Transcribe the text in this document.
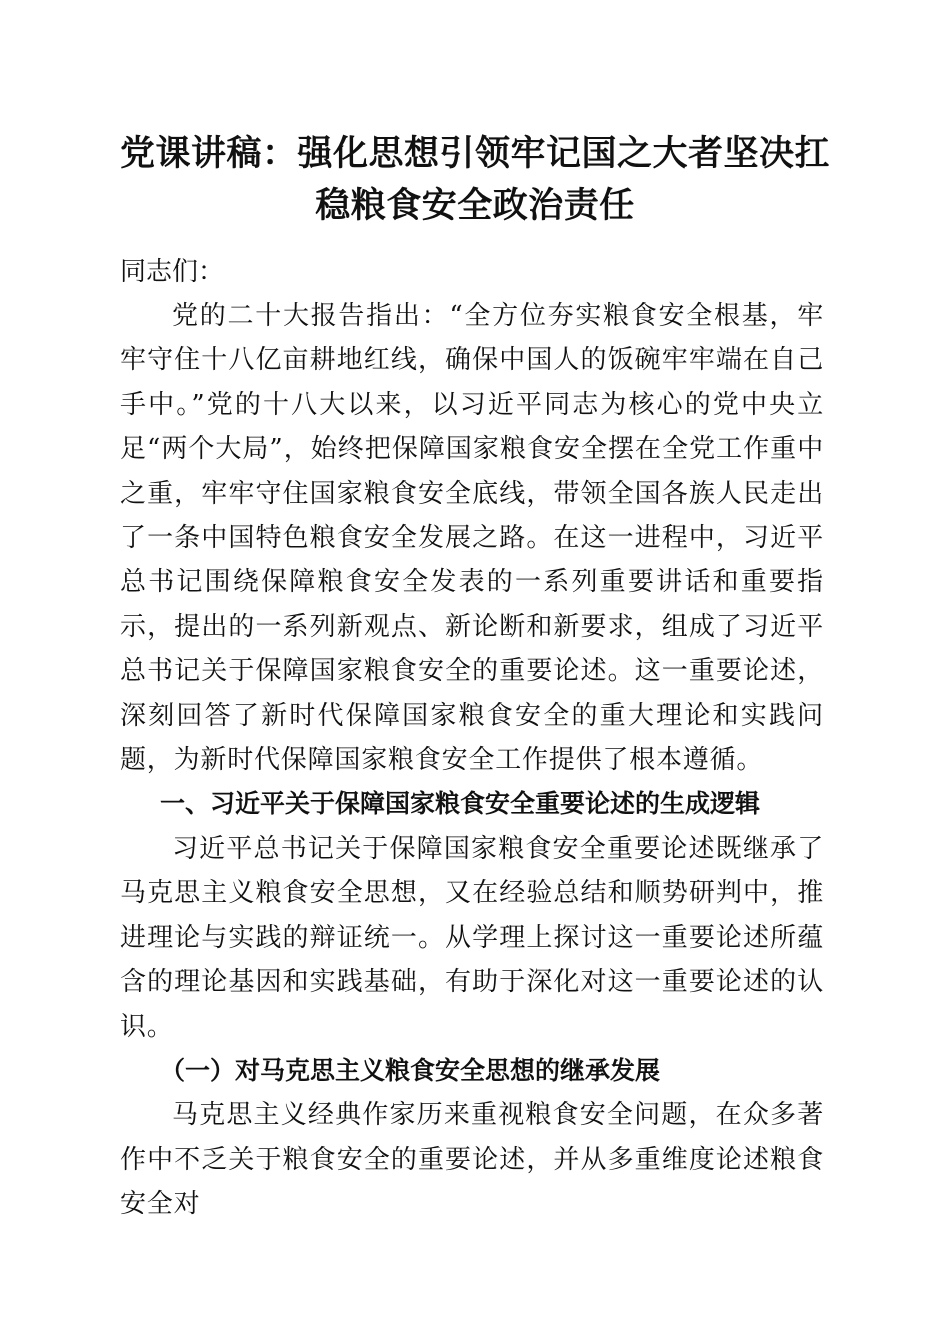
党课讲稿：强化思想引领牢记国之大者坚决扛
稳粮食安全政治责任

同志们：

党的二十大报告指出：“全方位夯实粮食安全根基，牢牢守住十八亿亩耕地红线，确保中国人的饭碗牢牢端在自己手中。”党的十八大以来，以习近平同志为核心的党中央立足“两个大局”，始终把保障国家粮食安全摆在全党工作重中之重，牢牢守住国家粮食安全底线，带领全国各族人民走出了一条中国特色粮食安全发展之路。在这一进程中，习近平总书记围绕保障粮食安全发表的一系列重要讲话和重要指示，提出的一系列新观点、新论断和新要求，组成了习近平总书记关于保障国家粮食安全的重要论述。这一重要论述，深刻回答了新时代保障国家粮食安全的重大理论和实践问题，为新时代保障国家粮食安全工作提供了根本遵循。

一、习近平关于保障国家粮食安全重要论述的生成逻辑

习近平总书记关于保障国家粮食安全重要论述既继承了马克思主义粮食安全思想，又在经验总结和顺势研判中，推进理论与实践的辩证统一。从学理上探讨这一重要论述所蕴含的理论基因和实践基础，有助于深化对这一重要论述的认识。

（一）对马克思主义粮食安全思想的继承发展

马克思主义经典作家历来重视粮食安全问题，在众多著作中不乏关于粮食安全的重要论述，并从多重维度论述粮食安全对
